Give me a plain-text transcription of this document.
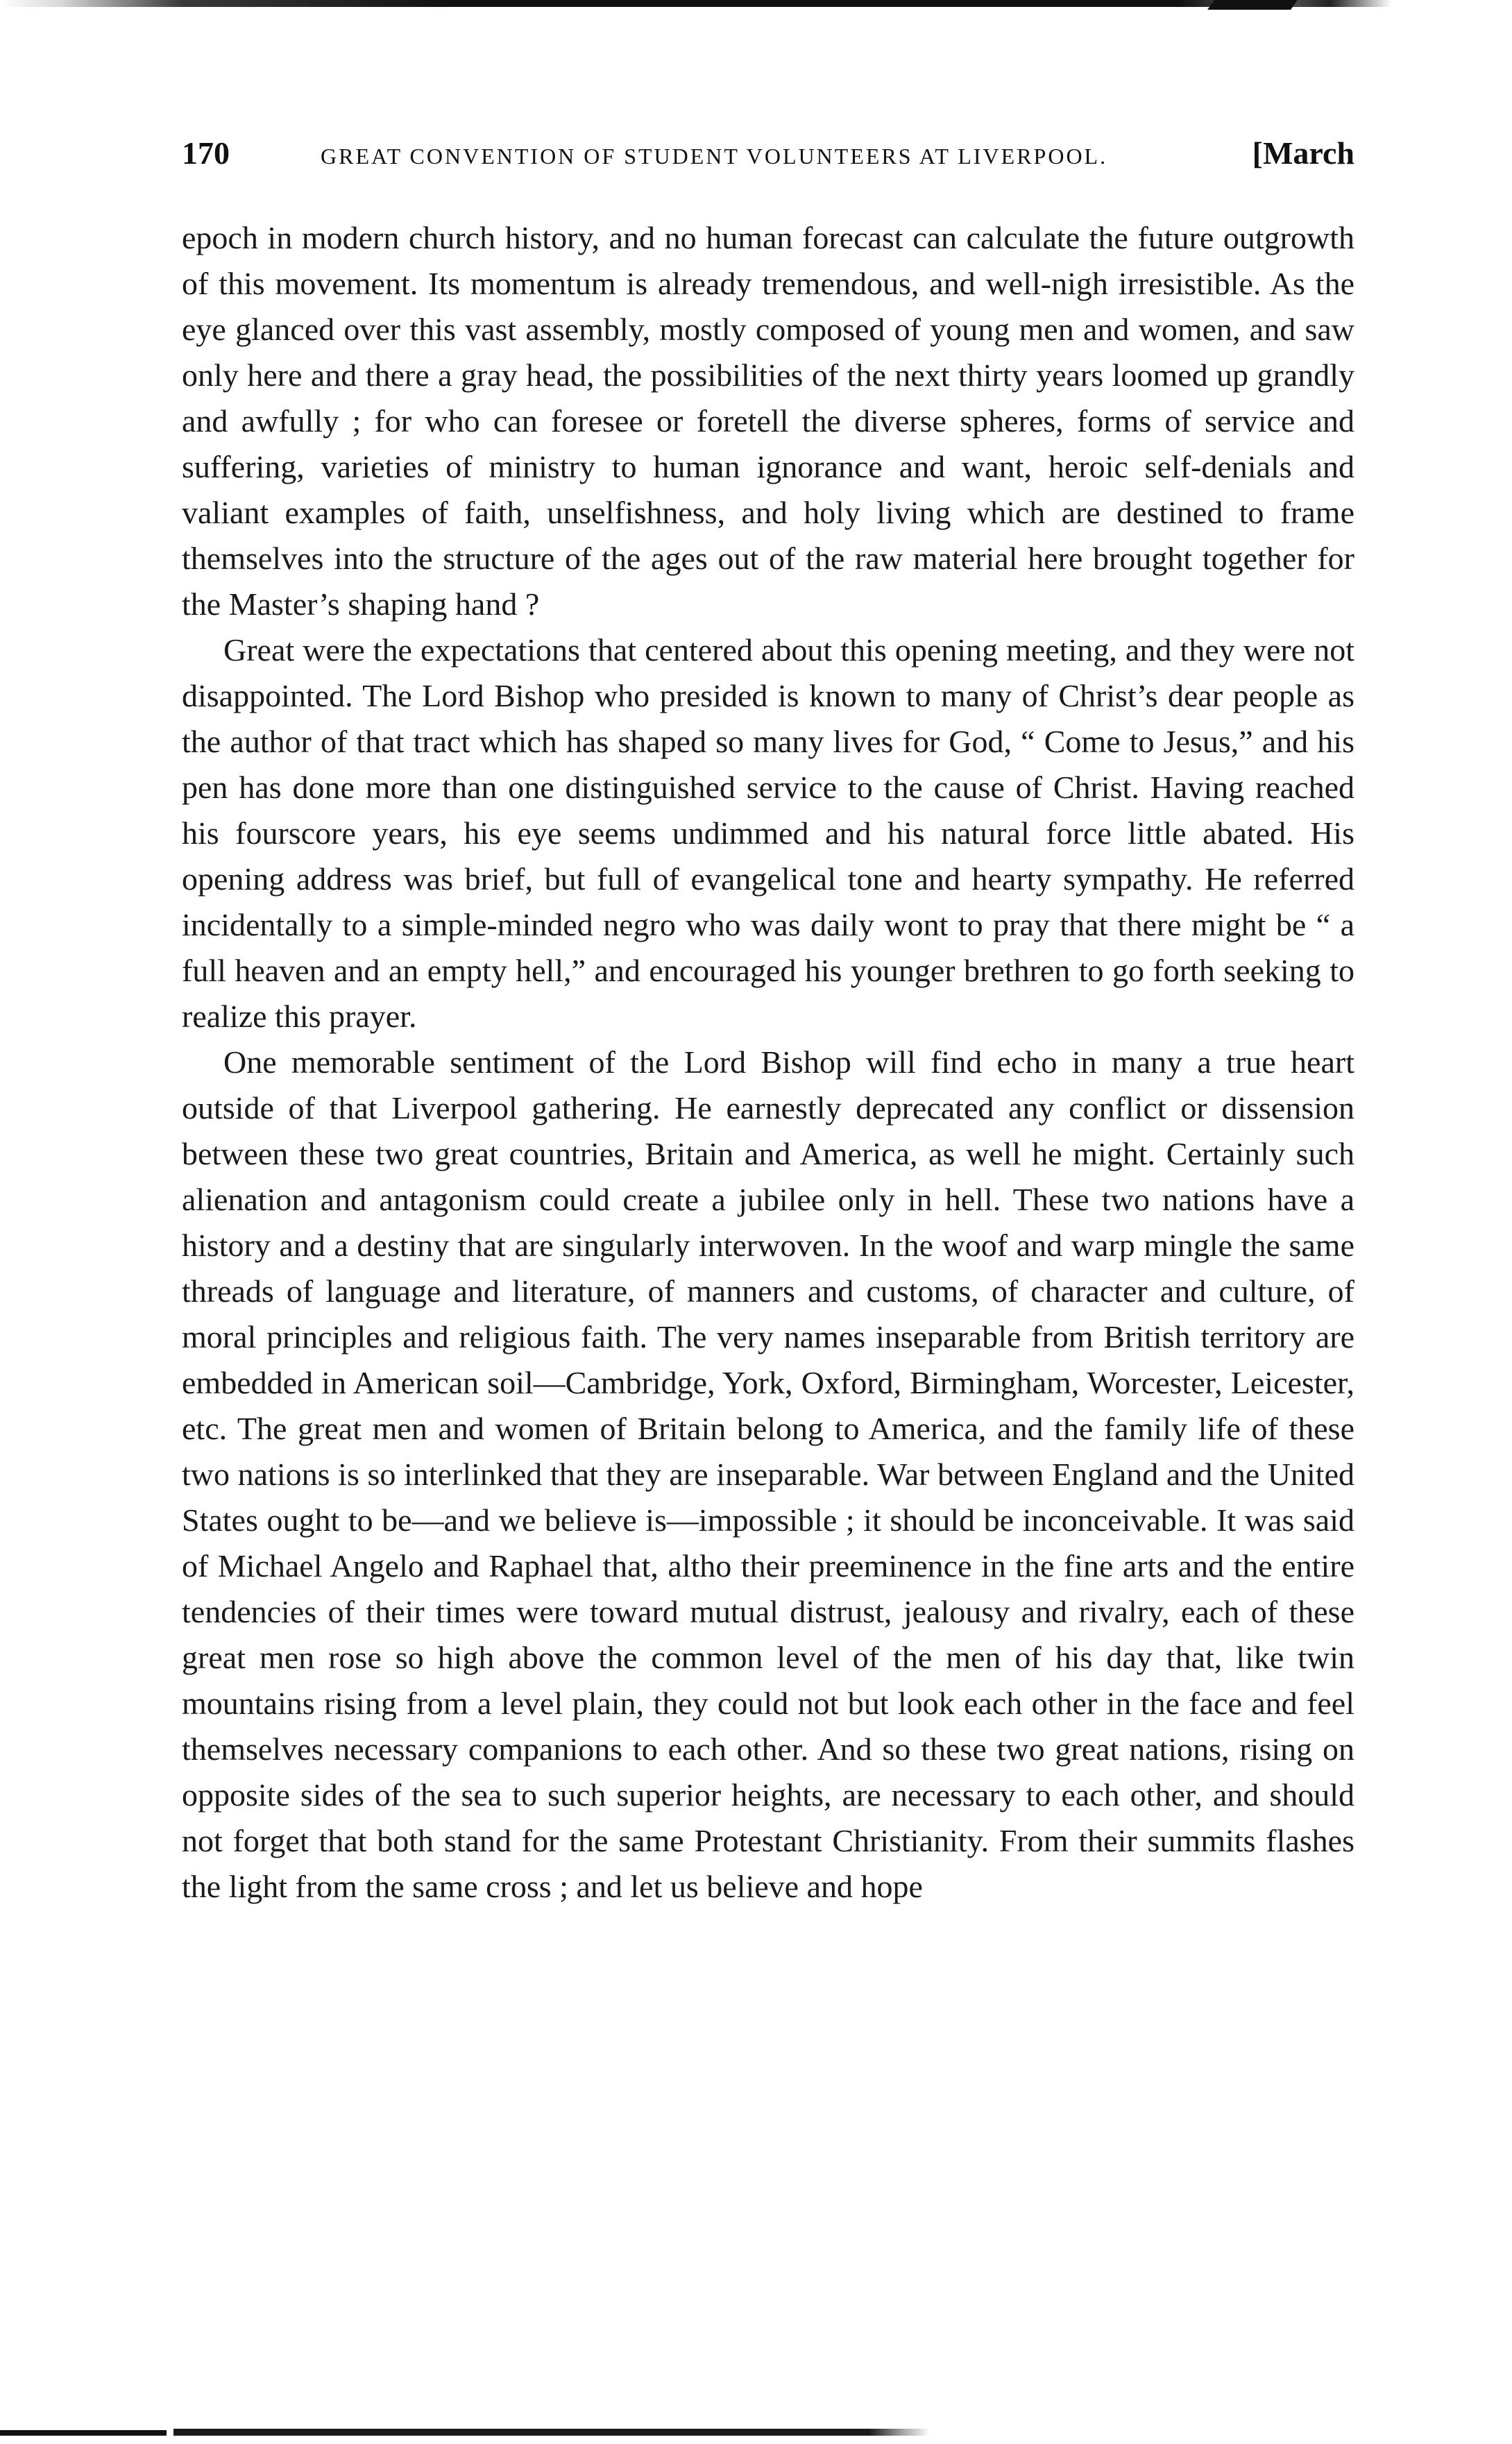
170	GREAT CONVENTION OF STUDENT VOLUNTEERS AT LIVERPOOL.	[March

epoch in modern church history, and no human forecast can calculate the future outgrowth of this movement. Its momentum is already tremendous, and well-nigh irresistible. As the eye glanced over this vast assembly, mostly composed of young men and women, and saw only here and there a gray head, the possibilities of the next thirty years loomed up grandly and awfully ; for who can foresee or foretell the diverse spheres, forms of service and suffering, varieties of ministry to human ignorance and want, heroic self-denials and valiant examples of faith, unselfishness, and holy living which are destined to frame themselves into the structure of the ages out of the raw material here brought together for the Master’s shaping hand ?

Great were the expectations that centered about this opening meeting, and they were not disappointed. The Lord Bishop who presided is known to many of Christ’s dear people as the author of that tract which has shaped so many lives for God, “ Come to Jesus,” and his pen has done more than one distinguished service to the cause of Christ. Having reached his fourscore years, his eye seems undimmed and his natural force little abated. His opening address was brief, but full of evangelical tone and hearty sympathy. He referred incidentally to a simple-minded negro who was daily wont to pray that there might be “ a full heaven and an empty hell,” and encouraged his younger brethren to go forth seeking to realize this prayer.

One memorable sentiment of the Lord Bishop will find echo in many a true heart outside of that Liverpool gathering. He earnestly deprecated any conflict or dissension between these two great countries, Britain and America, as well he might. Certainly such alienation and antagonism could create a jubilee only in hell. These two nations have a history and a destiny that are singularly interwoven. In the woof and warp mingle the same threads of language and literature, of manners and customs, of character and culture, of moral principles and religious faith. The very names inseparable from British territory are embedded in American soil—Cambridge, York, Oxford, Birmingham, Worcester, Leicester, etc. The great men and women of Britain belong to America, and the family life of these two nations is so interlinked that they are inseparable. War between England and the United States ought to be—and we believe is—impossible ; it should be inconceivable. It was said of Michael Angelo and Raphael that, altho their preeminence in the fine arts and the entire tendencies of their times were toward mutual distrust, jealousy and rivalry, each of these great men rose so high above the common level of the men of his day that, like twin mountains rising from a level plain, they could not but look each other in the face and feel themselves necessary companions to each other. And so these two great nations, rising on opposite sides of the sea to such superior heights, are necessary to each other, and should not forget that both stand for the same Protestant Christianity. From their summits flashes the light from the same cross ; and let us believe and hope
